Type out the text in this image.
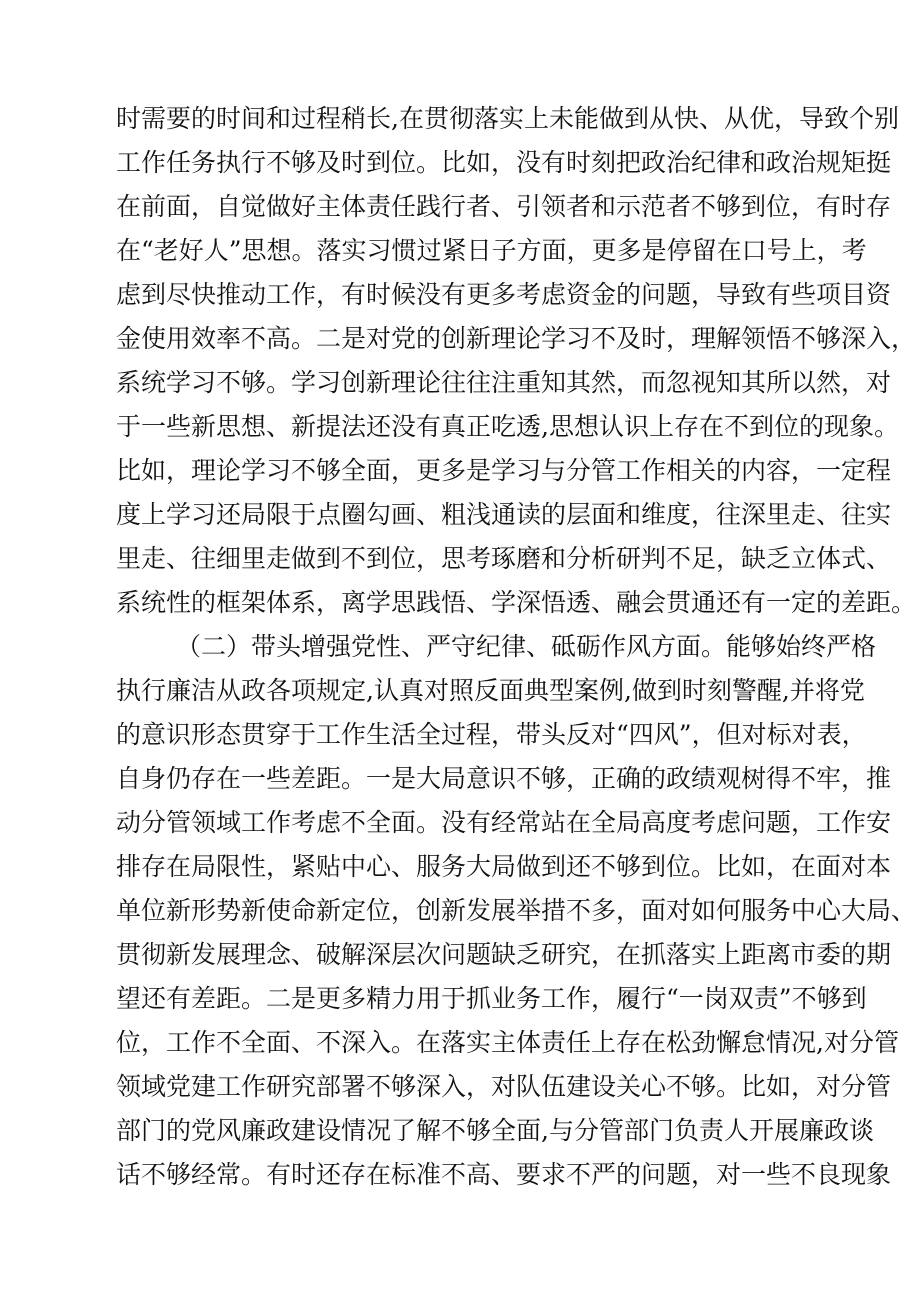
时需要的时间和过程稍长,在贯彻落实上未能做到从快、从优，导致个别
工作任务执行不够及时到位。比如，没有时刻把政治纪律和政治规矩挺
在前面，自觉做好主体责任践行者、引领者和示范者不够到位，有时存
在“老好人”思想。落实习惯过紧日子方面，更多是停留在口号上，考
虑到尽快推动工作，有时候没有更多考虑资金的问题，导致有些项目资
金使用效率不高。二是对党的创新理论学习不及时，理解领悟不够深入，
系统学习不够。学习创新理论往往注重知其然，而忽视知其所以然，对
于一些新思想、新提法还没有真正吃透,思想认识上存在不到位的现象。
比如，理论学习不够全面，更多是学习与分管工作相关的内容，一定程
度上学习还局限于点圈勾画、粗浅通读的层面和维度，往深里走、往实
里走、往细里走做到不到位，思考琢磨和分析研判不足，缺乏立体式、
系统性的框架体系，离学思践悟、学深悟透、融会贯通还有一定的差距。
（二）带头增强党性、严守纪律、砥砺作风方面。能够始终严格
执行廉洁从政各项规定,认真对照反面典型案例,做到时刻警醒,并将党
的意识形态贯穿于工作生活全过程，带头反对“四风”，但对标对表，
自身仍存在一些差距。一是大局意识不够，正确的政绩观树得不牢，推
动分管领域工作考虑不全面。没有经常站在全局高度考虑问题，工作安
排存在局限性，紧贴中心、服务大局做到还不够到位。比如，在面对本
单位新形势新使命新定位，创新发展举措不多，面对如何服务中心大局、
贯彻新发展理念、破解深层次问题缺乏研究，在抓落实上距离市委的期
望还有差距。二是更多精力用于抓业务工作，履行“一岗双责”不够到
位，工作不全面、不深入。在落实主体责任上存在松劲懈怠情况,对分管
领域党建工作研究部署不够深入，对队伍建设关心不够。比如，对分管
部门的党风廉政建设情况了解不够全面,与分管部门负责人开展廉政谈
话不够经常。有时还存在标准不高、要求不严的问题，对一些不良现象
